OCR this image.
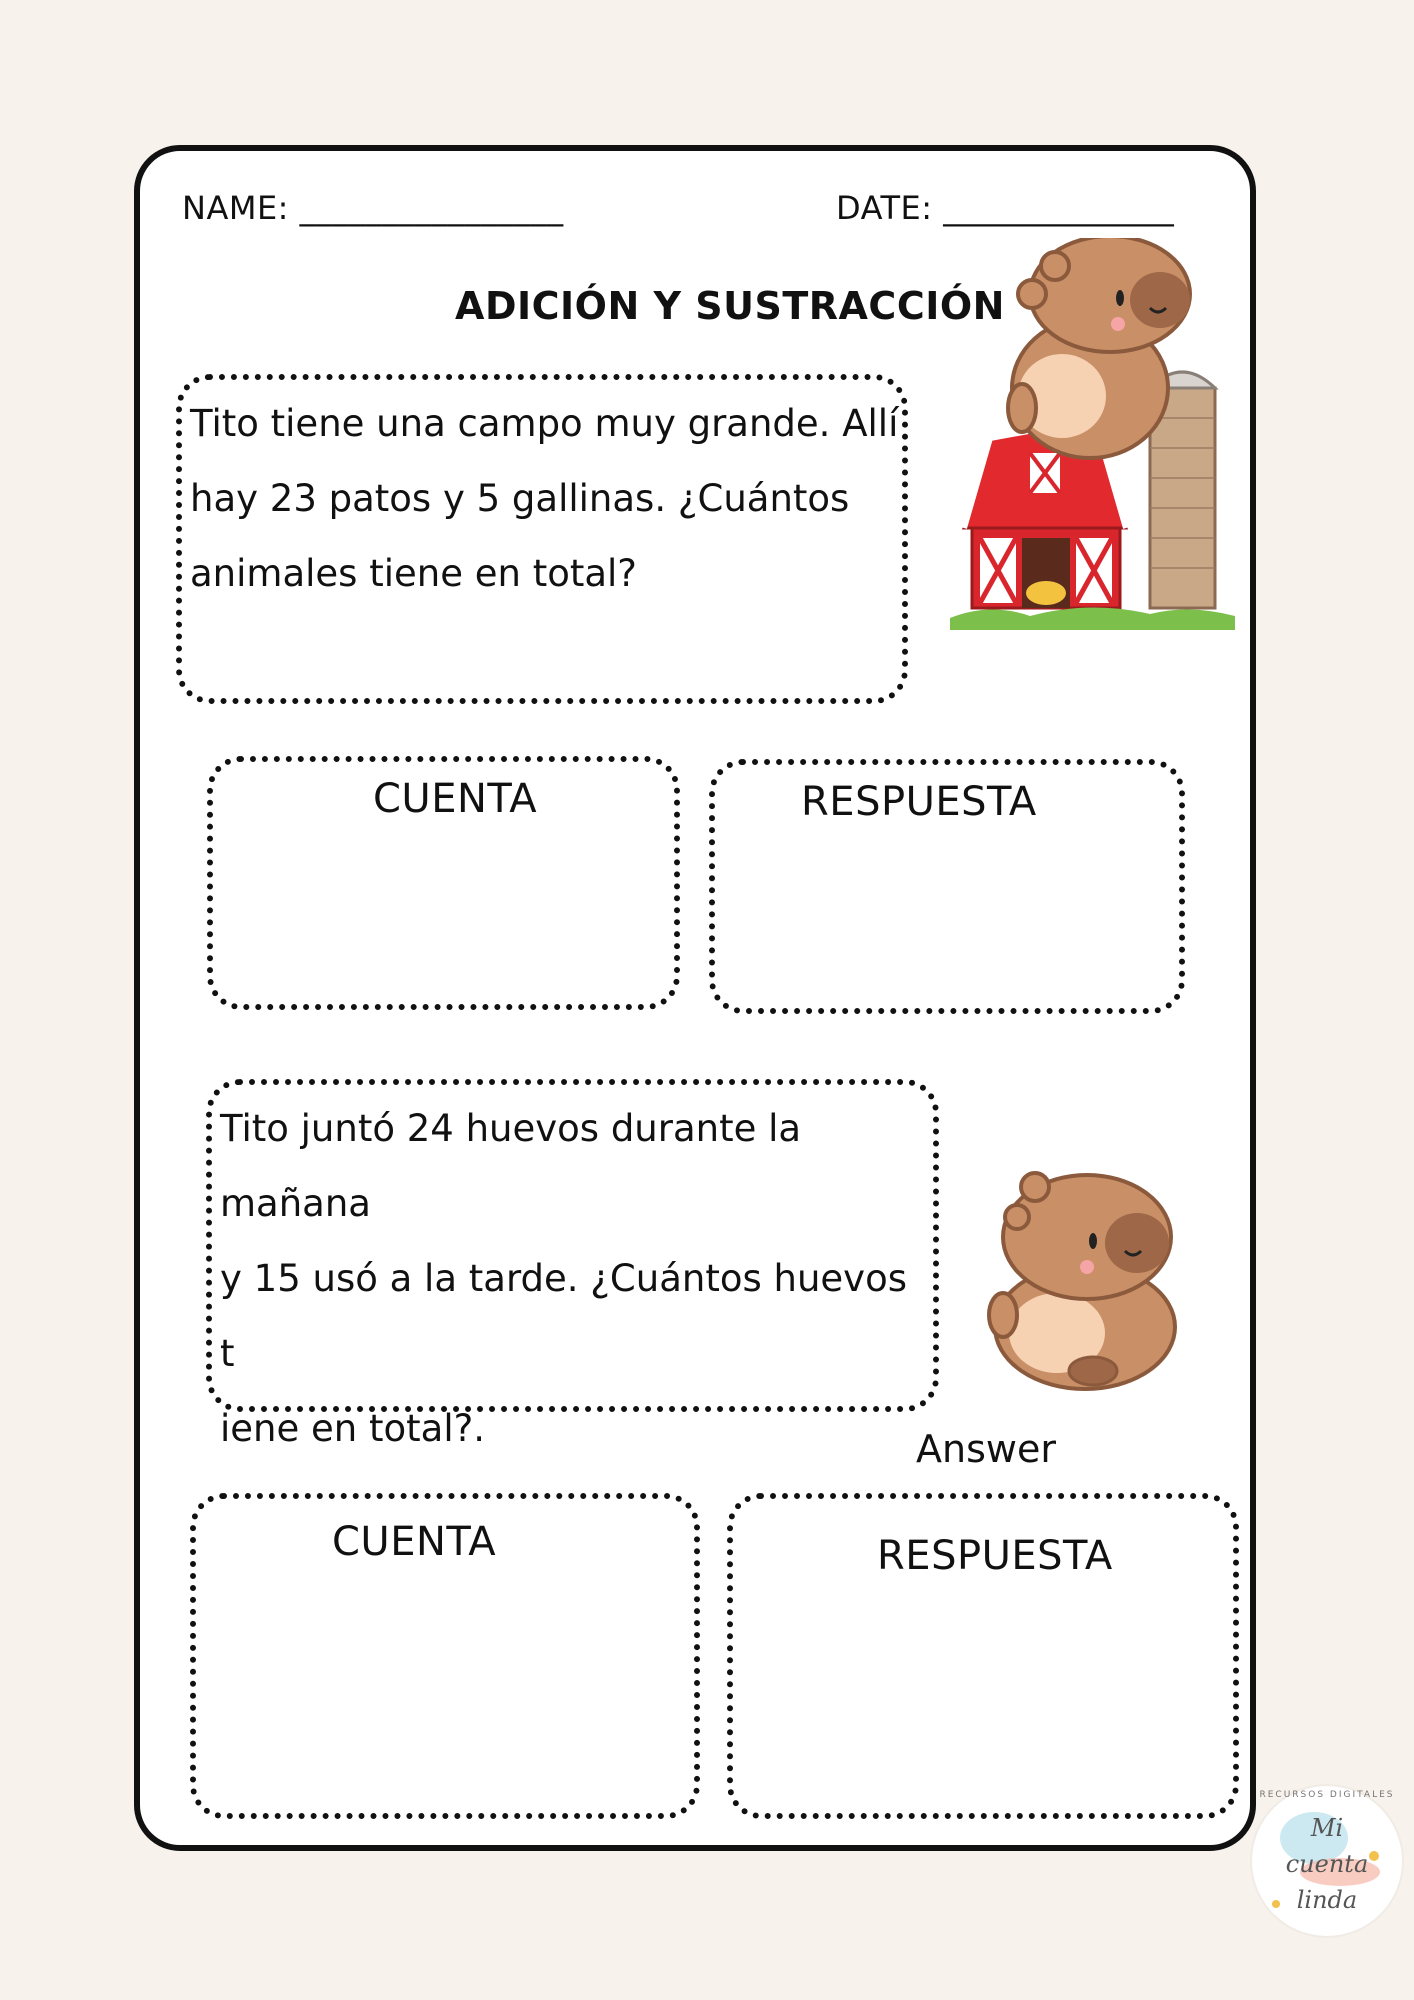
NAME: ________________	DATE: ______________
ADICIÓN Y SUSTRACCIÓN
Tito tiene una campo muy grande. Allí
hay 23 patos y 5 gallinas. ¿Cuántos
animales tiene en total?
CUENTA	RESPUESTA
Tito juntó 24 huevos durante la mañana
y 15 usó a la tarde. ¿Cuántos huevos t
iene en total?.	Answer
CUENTA	RESPUESTA
RECURSOS DIGITALES
Mi
cuenta
linda
